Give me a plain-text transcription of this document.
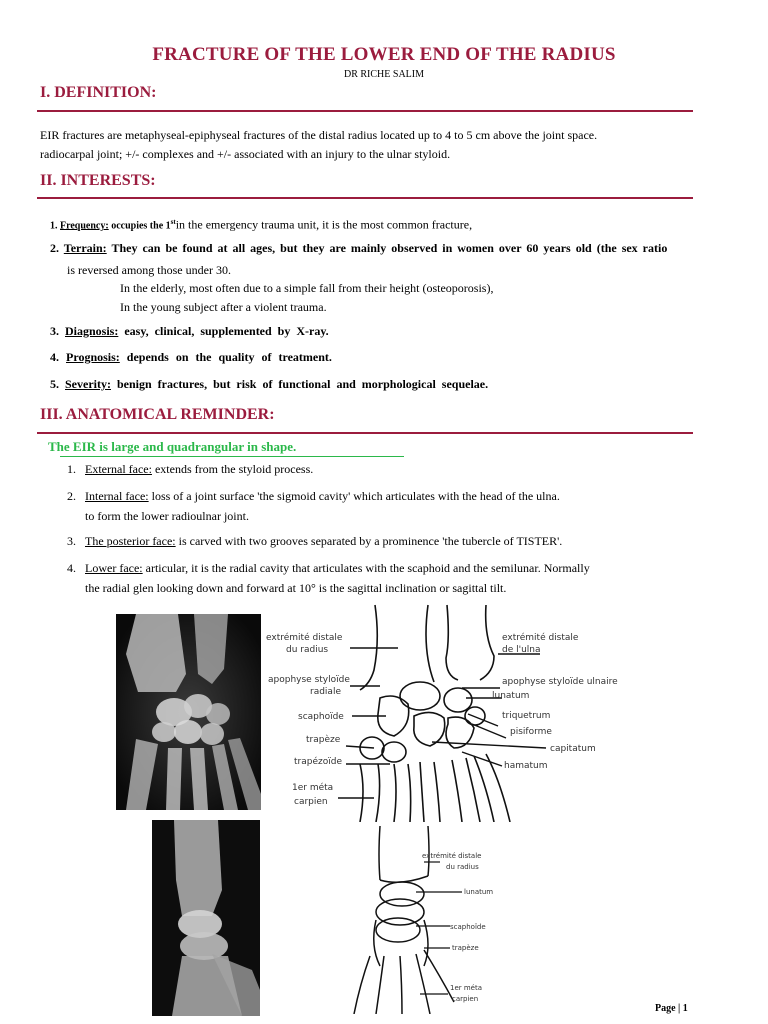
FRACTURE OF THE LOWER END OF THE RADIUS
DR RICHE SALIM
I. DEFINITION:
EIR fractures are metaphyseal-epiphyseal fractures of the distal radius located up to 4 to 5 cm above the joint space.
radiocarpal joint; +/- complexes and +/- associated with an injury to the ulnar styloid.
II. INTERESTS:
1. Frequency: occupies the 1stin the emergency trauma unit, it is the most common fracture,
2. Terrain: They can be found at all ages, but they are mainly observed in women over 60 years old (the sex ratio
is reversed among those under 30.
In the elderly, most often due to a simple fall from their height (osteoporosis),
In the young subject after a violent trauma.
3. Diagnosis: easy, clinical, supplemented by X-ray.
4. Prognosis: depends on the quality of treatment.
5. Severity: benign fractures, but risk of functional and morphological sequelae.
III. ANATOMICAL REMINDER:
The EIR is large and quadrangular in shape.
1. External face: extends from the styloid process.
2. Internal face: loss of a joint surface 'the sigmoid cavity' which articulates with the head of the ulna.
to form the lower radioulnar joint.
3. The posterior face: is carved with two grooves separated by a prominence 'the tubercle of TISTER'.
4. Lower face: articular, it is the radial cavity that articulates with the scaphoid and the semilunar. Normally
the radial glen looking down and forward at 10° is the sagittal inclination or sagittal tilt.
extrémité distale
du radius
extrémité distale
de l'ulna
apophyse styloïde
radiale
apophyse styloïde ulnaire
lunatum
scaphoïde	triquetrum
pisiforme
capitatum
trapèze
trapézoïde	hamatum
1er méta
carpien
extrémité distale
du radius
lunatum
scaphoïde
trapèze
1er méta
carpien
Page | 1
